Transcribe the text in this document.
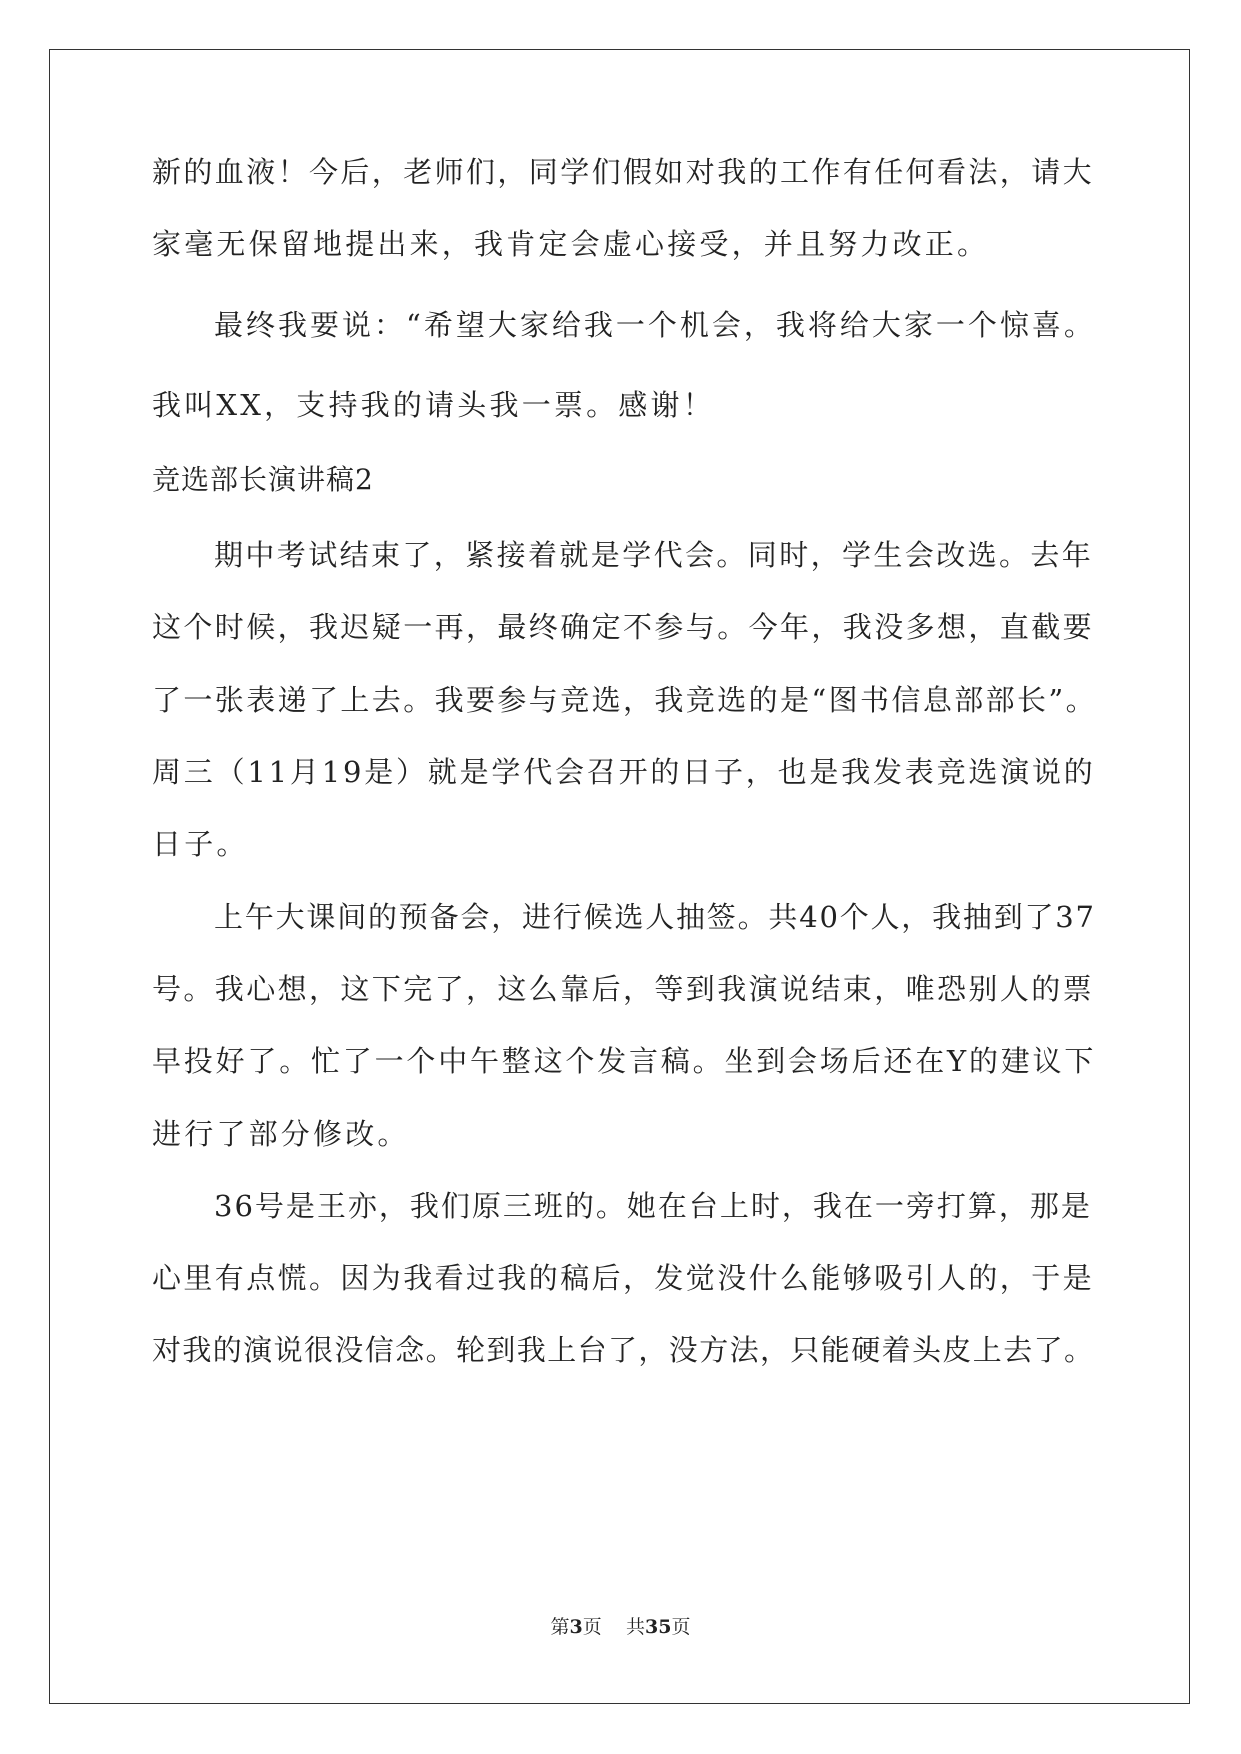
新的血液！今后，老师们，同学们假如对我的工作有任何看法，请大
家毫无保留地提出来，我肯定会虚心接受，并且努力改正。
最终我要说：“希望大家给我一个机会，我将给大家一个惊喜。
我叫XX，支持我的请头我一票。感谢！
竞选部长演讲稿2
期中考试结束了，紧接着就是学代会。同时，学生会改选。去年
这个时候，我迟疑一再，最终确定不参与。今年，我没多想，直截要
了一张表递了上去。我要参与竞选，我竞选的是“图书信息部部长”。
周三（11月19是）就是学代会召开的日子，也是我发表竞选演说的
日子。
上午大课间的预备会，进行候选人抽签。共40个人，我抽到了37
号。我心想，这下完了，这么靠后，等到我演说结束，唯恐别人的票
早投好了。忙了一个中午整这个发言稿。坐到会场后还在Y的建议下
进行了部分修改。
36号是王亦，我们原三班的。她在台上时，我在一旁打算，那是
心里有点慌。因为我看过我的稿后，发觉没什么能够吸引人的，于是
对我的演说很没信念。轮到我上台了，没方法，只能硬着头皮上去了。
第3页 共35页
